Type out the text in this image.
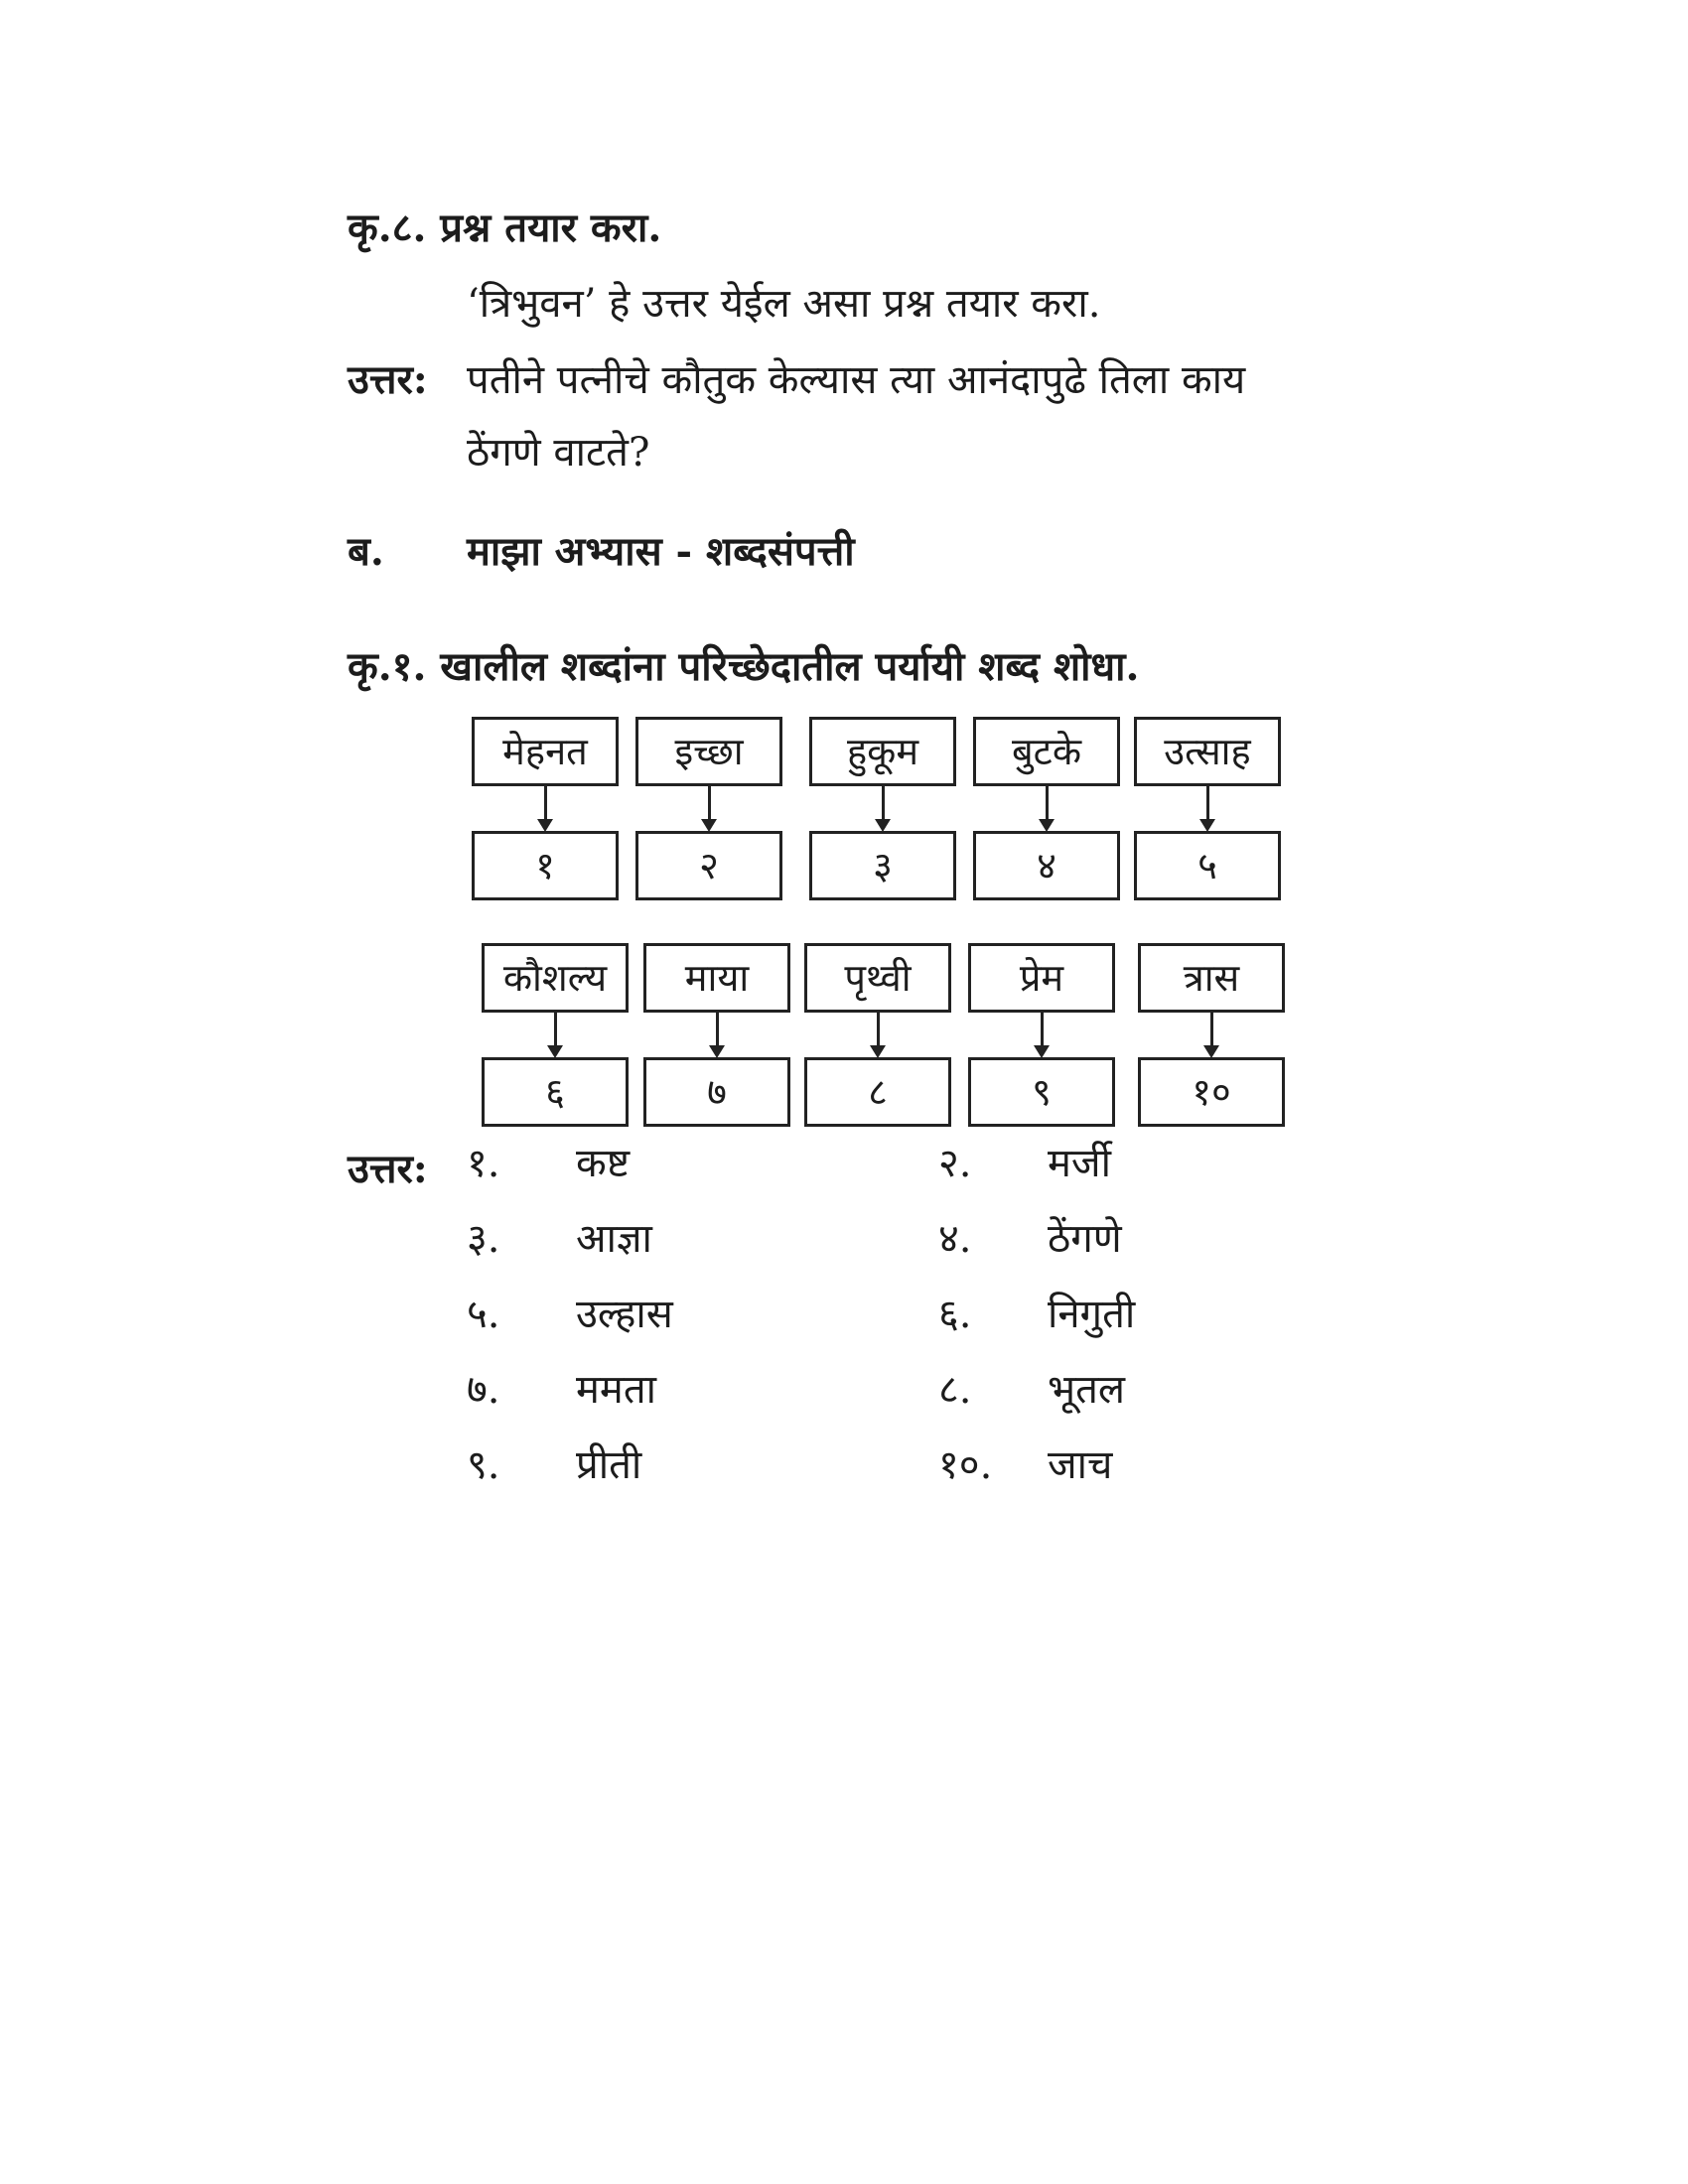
कृ.८. प्रश्न तयार करा.
‘त्रिभुवन’ हे उत्तर येईल असा प्रश्न तयार करा.
उत्तर: पतीने पत्नीचे कौतुक केल्यास त्या आनंदापुढे तिला काय
ठेंगणे वाटते?
ब. माझा अभ्यास - शब्दसंपत्ती
कृ.१. खालील शब्दांना परिच्छेदातील पर्यायी शब्द शोधा.
मेहनत
१
इच्छा
२
हुकूम
३
बुटके
४
उत्साह
५
कौशल्य
६
माया
७
पृथ्वी
८
प्रेम
९
त्रास
१०
उत्तर: १. कष्ट	२. मर्जी
३. आज्ञा	४. ठेंगणे
५. उल्हास	६. निगुती
७. ममता	८. भूतल
९. प्रीती	१०. जाच
